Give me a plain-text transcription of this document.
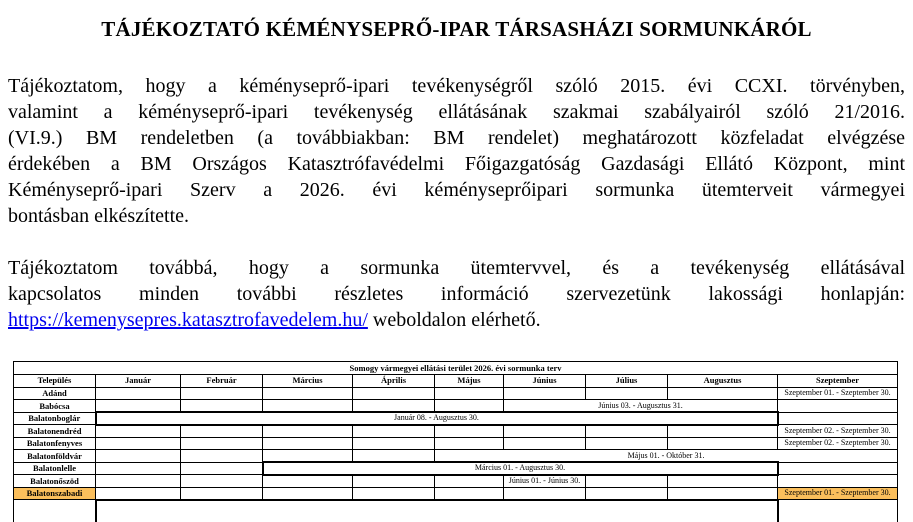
TÁJÉKOZTATÓ KÉMÉNYSEPRŐ-IPAR TÁRSASHÁZI SORMUNKÁRÓL
Tájékoztatom, hogy a kéményseprő-ipari tevékenységről szóló 2015. évi CCXI. törvényben,
valamint a kéményseprő-ipari tevékenység ellátásának szakmai szabályairól szóló 21/2016.
(VI.9.) BM rendeletben (a továbbiakban: BM rendelet) meghatározott közfeladat elvégzése
érdekében a BM Országos Katasztrófavédelmi Főigazgatóság Gazdasági Ellátó Központ, mint
Kéményseprő-ipari Szerv a 2026. évi kéményseprőipari sormunka ütemterveit vármegyei
bontásban elkészítette.
Tájékoztatom továbbá, hogy a sormunka ütemtervvel, és a tevékenység ellátásával
kapcsolatos minden további részletes információ szervezetünk lakossági honlapján:
https://kemenysepres.katasztrofavedelem.hu/ weboldalon elérhető.
Somogy vármegyei ellátási terület 2026. évi sormunka terv									
Település	Január	Február	Március	Április	Május	Június	Július	Augusztus	Szeptember
Adánd									Szeptember 01. - Szeptember 30.
Babócsa						Június 03. - Augusztus 31.			
Balatonboglár	Január 08. - Augusztus 30.								
Balatonendréd									Szeptember 02. - Szeptember 30.
Balatonfenyves									Szeptember 02. - Szeptember 30.
Balatonföldvár					Május 01. - Október 31.				
Balatonlelle			Március 01. - Augusztus 30.						
Balatonőszöd						Június 01. - Június 30.			
Balatonszabadi									Szeptember 01. - Szeptember 30.
